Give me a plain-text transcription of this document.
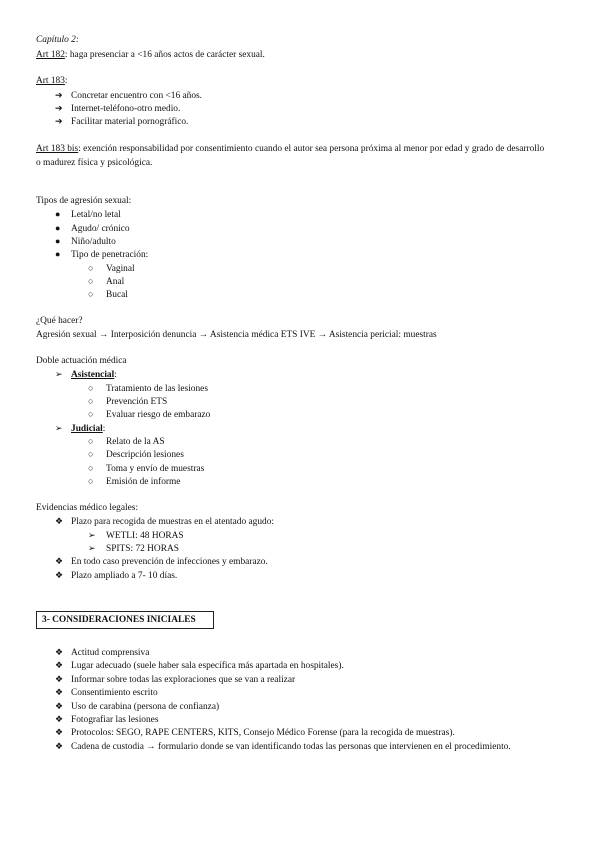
Capítulo 2:
Art 182: haga presenciar a <16 años actos de carácter sexual.
Art 183:
➔ Concretar encuentro con <16 años.
➔ Internet-teléfono-otro medio.
➔ Facilitar material pornográfico.
Art 183 bis: exención responsabilidad por consentimiento cuando el autor sea persona próxima al menor por edad y grado de desarrollo o madurez física y psicológica.
Tipos de agresión sexual:
● Letal/no letal
● Agudo/ crónico
● Niño/adulto
● Tipo de penetración:
○ Vaginal
○ Anal
○ Bucal
¿Qué hacer?
Agresión sexual → Interposición denuncia → Asistencia médica ETS IVE → Asistencia pericial: muestras
Doble actuación médica
➢ Asistencial:
○ Tratamiento de las lesiones
○ Prevención ETS
○ Evaluar riesgo de embarazo
➢ Judicial:
○ Relato de la AS
○ Descripción lesiones
○ Toma y envío de muestras
○ Emisión de informe
Evidencias médico legales:
❖ Plazo para recogida de muestras en el atentado agudo:
➢ WETLI: 48 HORAS
➢ SPITS: 72 HORAS
❖ En todo caso prevención de infecciones y embarazo.
❖ Plazo ampliado a 7- 10 días.
3- CONSIDERACIONES INICIALES
❖ Actitud comprensiva
❖ Lugar adecuado (suele haber sala específica más apartada en hospitales).
❖ Informar sobre todas las exploraciones que se van a realizar
❖ Consentimiento escrito
❖ Uso de carabina (persona de confianza)
❖ Fotografiar las lesiones
❖ Protocolos: SEGO, RAPE CENTERS, KITS, Consejo Médico Forense (para la recogida de muestras).
❖ Cadena de custodia → formulario donde se van identificando todas las personas que intervienen en el procedimiento.
